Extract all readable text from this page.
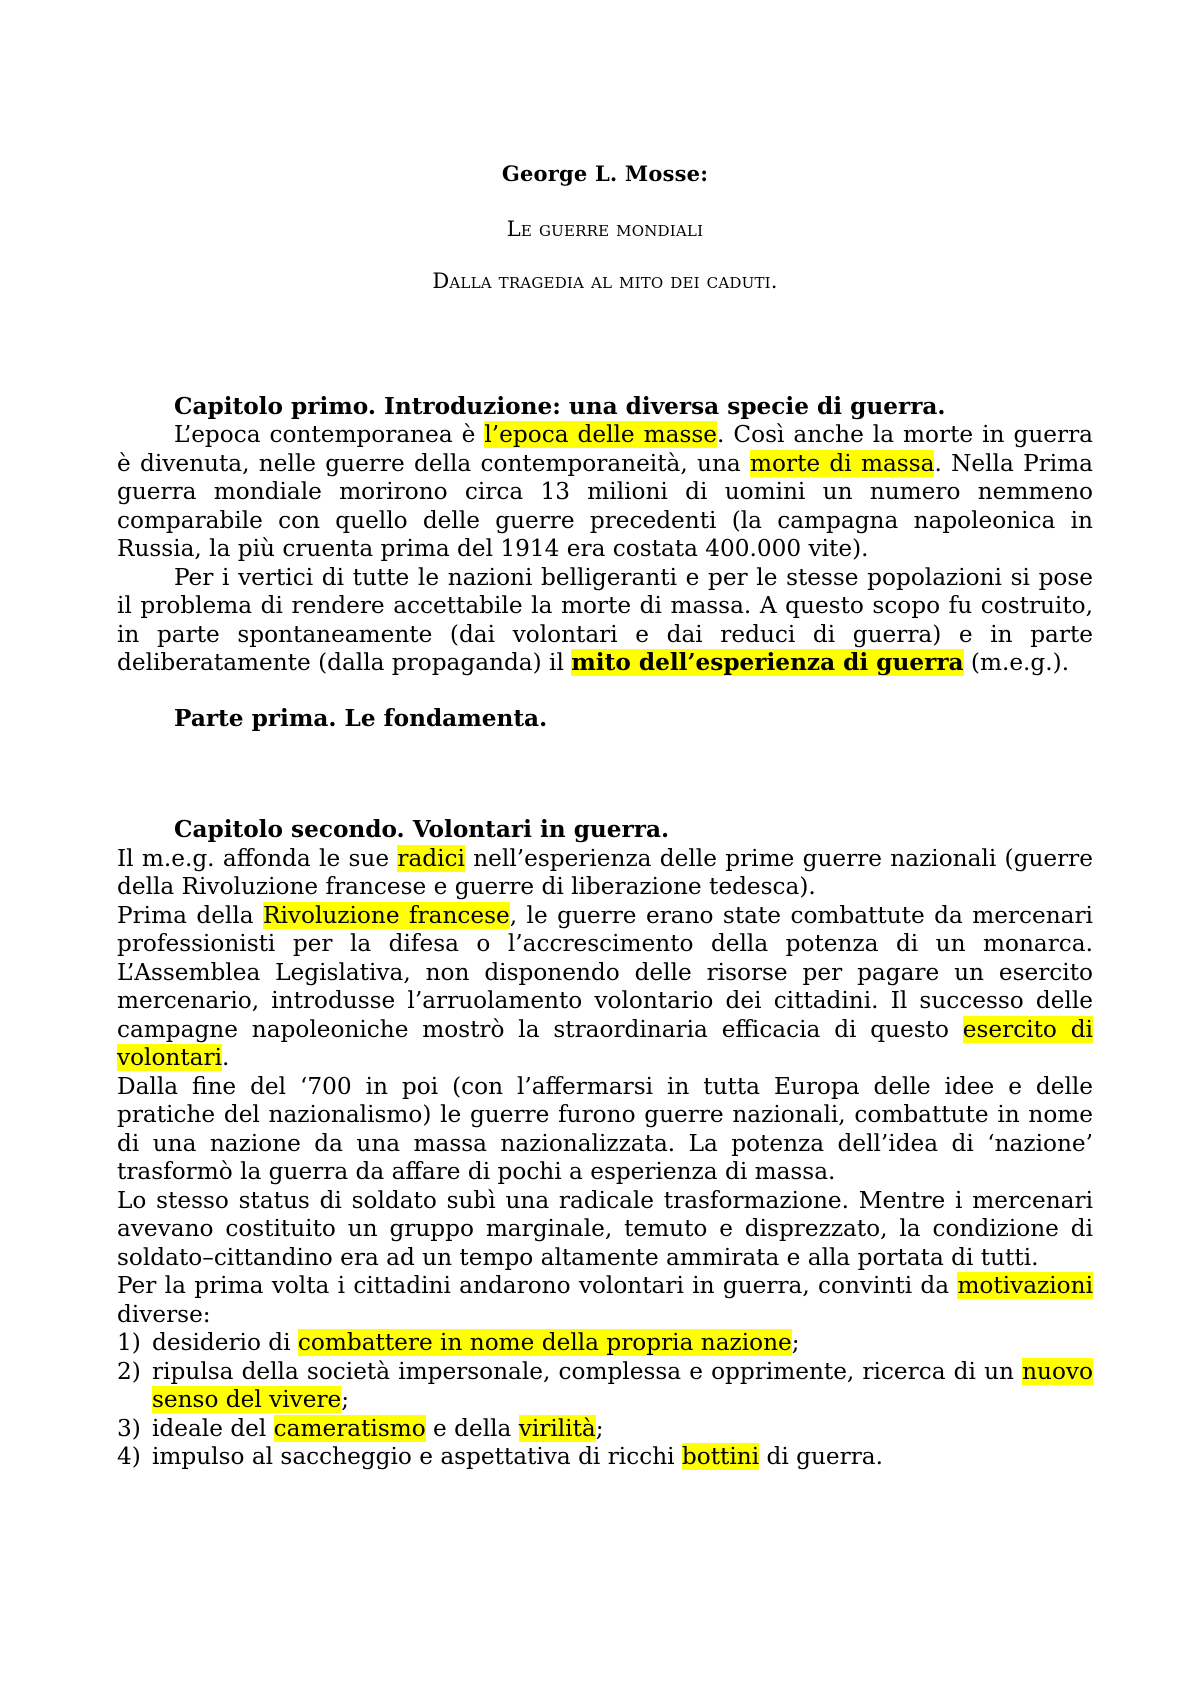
George L. Mosse:
Le guerre mondiali
Dalla tragedia al mito dei caduti.
Capitolo primo. Introduzione: una diversa specie di guerra.

L’epoca contemporanea è l’epoca delle masse. Così anche la morte in guerra è divenuta, nelle guerre della contemporaneità, una morte di massa. Nella Prima guerra mondiale morirono circa 13 milioni di uomini un numero nemmeno comparabile con quello delle guerre precedenti (la campagna napoleonica in Russia, la più cruenta prima del 1914 era costata 400.000 vite).

Per i vertici di tutte le nazioni belligeranti e per le stesse popolazioni si pose il problema di rendere accettabile la morte di massa. A questo scopo fu costruito, in parte spontaneamente (dai volontari e dai reduci di guerra) e in parte deliberatamente (dalla propaganda) il mito dell’esperienza di guerra (m.e.g.).

Parte prima. Le fondamenta.
Capitolo secondo. Volontari in guerra.

Il m.e.g. affonda le sue radici nell’esperienza delle prime guerre nazionali (guerre della Rivoluzione francese e guerre di liberazione tedesca).

Prima della Rivoluzione francese, le guerre erano state combattute da mercenari professionisti per la difesa o l’accrescimento della potenza di un monarca. L’Assemblea Legislativa, non disponendo delle risorse per pagare un esercito mercenario, introdusse l’arruolamento volontario dei cittadini. Il successo delle campagne napoleoniche mostrò la straordinaria efficacia di questo esercito di volontari.

Dalla fine del ‘700 in poi (con l’affermarsi in tutta Europa delle idee e delle pratiche del nazionalismo) le guerre furono guerre nazionali, combattute in nome di una nazione da una massa nazionalizzata. La potenza dell’idea di ‘nazione’ trasformò la guerra da affare di pochi a esperienza di massa.

Lo stesso status di soldato subì una radicale trasformazione. Mentre i mercenari avevano costituito un gruppo marginale, temuto e disprezzato, la condizione di soldato–cittandino era ad un tempo altamente ammirata e alla portata di tutti.

Per la prima volta i cittadini andarono volontari in guerra, convinti da motivazioni diverse:

1) desiderio di combattere in nome della propria nazione;
2) ripulsa della società impersonale, complessa e opprimente, ricerca di un nuovo senso del vivere;
3) ideale del cameratismo e della virilità;
4) impulso al saccheggio e aspettativa di ricchi bottini di guerra.
